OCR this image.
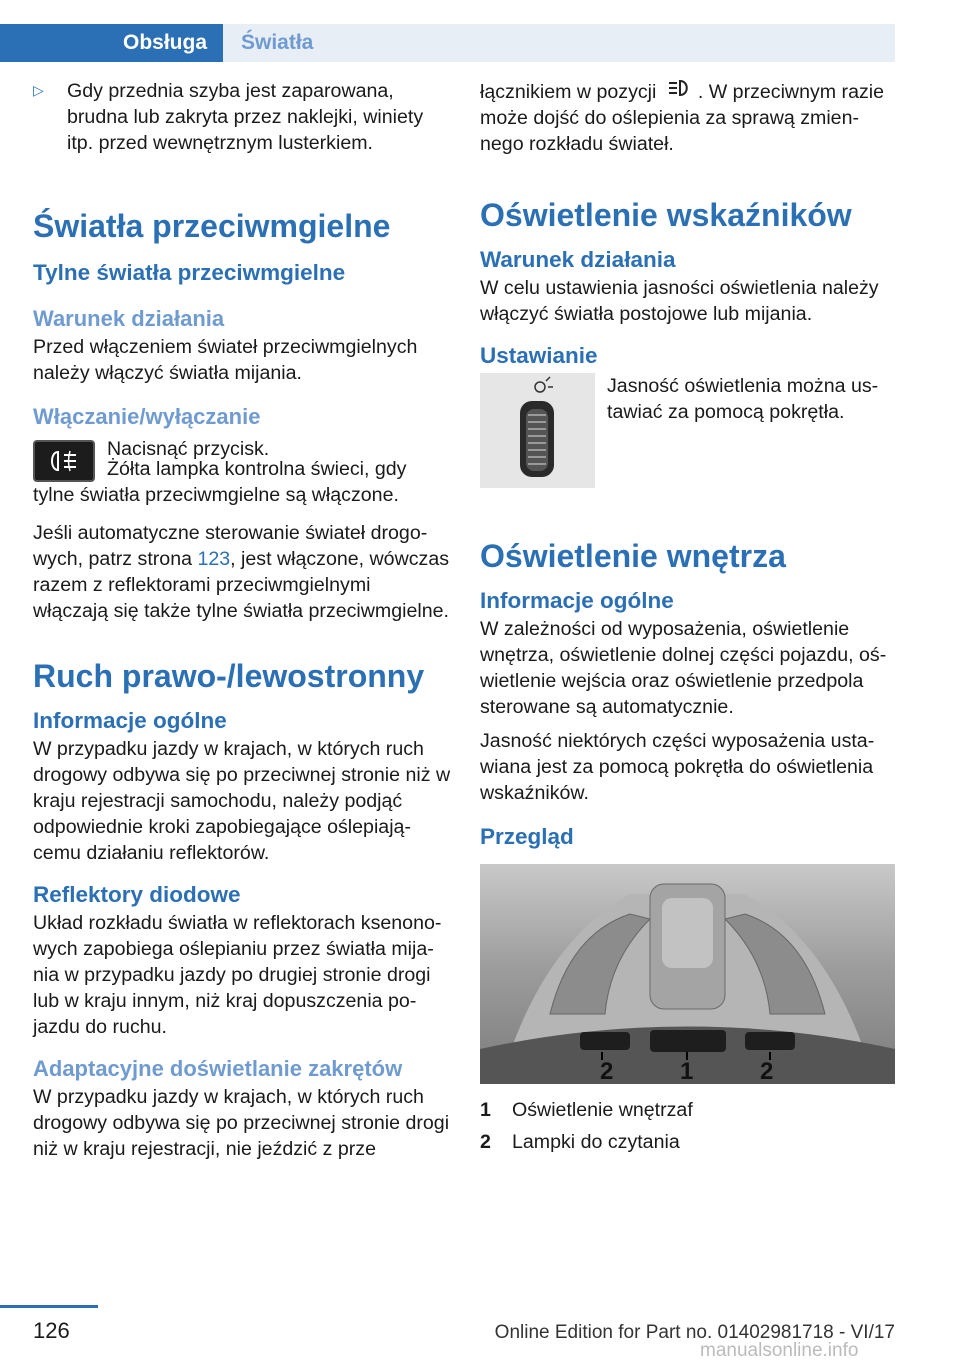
Obsługa	Światła
▷	Gdy przednia szyba jest zaparowana, brudna lub zakryta przez naklejki, winiety itp. przed wewnętrznym lusterkiem.

Światła przeciwmgielne
Tylne światła przeciwmgielne
Warunek działania

Przed włączeniem świateł przeciwmgielnych należy włączyć światła mijania.

Włączanie/wyłączanie

Nacisnąć przycisk.

Żółta lampka kontrolna świeci, gdy tylne światła przeciwmgielne są włączone.

Jeśli automatyczne sterowanie świateł drogowych, patrz strona 123, jest włączone, wówczas razem z reflektorami przeciwmgielnymi włączają się także tylne światła przeciwmgielne.

Ruch prawo-/lewostronny
Informacje ogólne

W przypadku jazdy w krajach, w których ruch drogowy odbywa się po przeciwnej stronie niż w kraju rejestracji samochodu, należy podjąć odpowiednie kroki zapobiegające oślepiającemu działaniu reflektorów.

Reflektory diodowe

Układ rozkładu światła w reflektorach ksenonowych zapobiega oślepianiu przez światła mijania w przypadku jazdy po drugiej stronie drogi lub w kraju innym, niż kraj dopuszczenia pojazdu do ruchu.

Adaptacyjne doświetlanie zakrętów

W przypadku jazdy w krajach, w których ruch drogowy odbywa się po przeciwnej stronie drogi niż w kraju rejestracji, nie jeździć z prze

łącznikiem w pozycji . W przeciwnym razie może dojść do oślepienia za sprawą zmiennego rozkładu świateł.

Oświetlenie wskaźników
Warunek działania

W celu ustawienia jasności oświetlenia należy włączyć światła postojowe lub mijania.

Ustawianie

Jasność oświetlenia można ustawiać za pomocą pokrętła.

Oświetlenie wnętrza
Informacje ogólne

W zależności od wyposażenia, oświetlenie wnętrza, oświetlenie dolnej części pojazdu, oświetlenie wejścia oraz oświetlenie przedpola sterowane są automatycznie.

Jasność niektórych części wyposażenia ustawiana jest za pomocą pokrętła do oświetlenia wskaźników.

Przegląd
2	1	2
1	Oświetlenie wnętrzaf
2	Lampki do czytania
126	Online Edition for Part no. 01402981718 - VI/17
manualsonline.info
